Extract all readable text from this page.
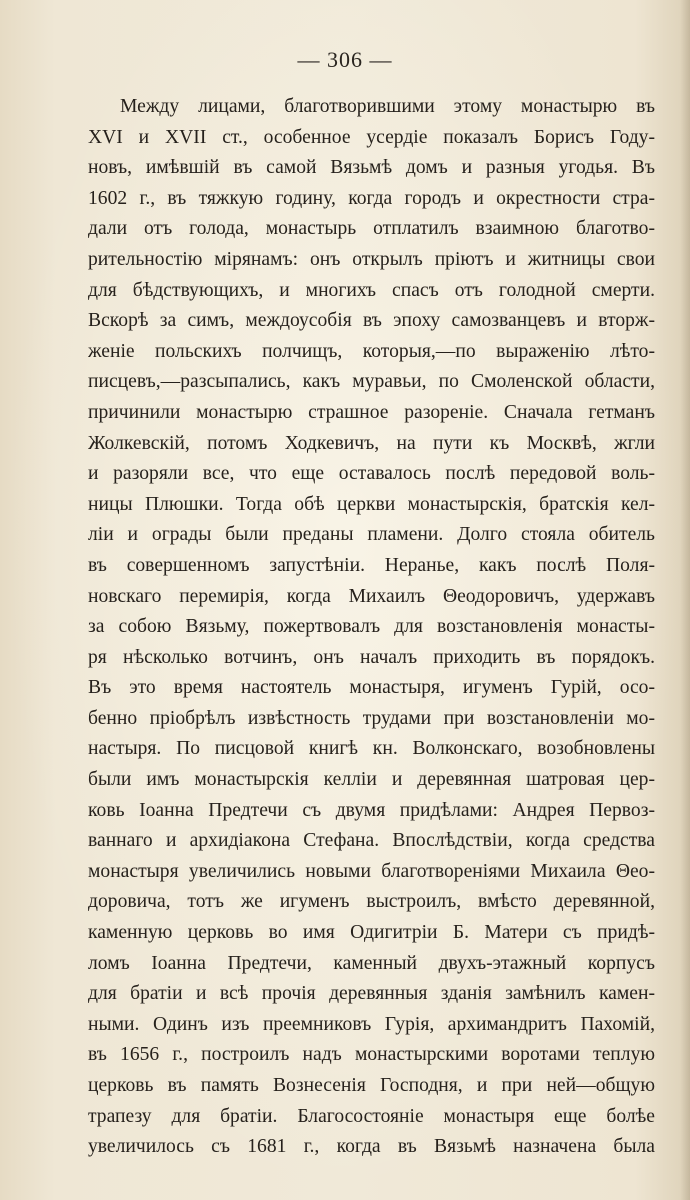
— 306 —
Между лицами, благотворившими этому монастырю въ
XVI и XVII ст., особенное усердіе показалъ Борисъ Году-
новъ, имѣвшій въ самой Вязьмѣ домъ и разныя угодья. Въ
1602 г., въ тяжкую годину, когда городъ и окрестности стра-
дали отъ голода, монастырь отплатилъ взаимною благотво-
рительностію мірянамъ: онъ открылъ пріютъ и житницы свои
для бѣдствующихъ, и многихъ спасъ отъ голодной смерти.
Вскорѣ за симъ, междоусобія въ эпоху самозванцевъ и вторж-
женіе польскихъ полчищъ, которыя,—по выраженію лѣто-
писцевъ,—разсыпались, какъ муравьи, по Смоленской области,
причинили монастырю страшное разореніе. Сначала гетманъ
Жолкевскій, потомъ Ходкевичъ, на пути къ Москвѣ, жгли
и разоряли все, что еще оставалось послѣ передовой воль-
ницы Плюшки. Тогда обѣ церкви монастырскія, братскія кел-
ліи и ограды были преданы пламени. Долго стояла обитель
въ совершенномъ запустѣніи. Неранье, какъ послѣ Поля-
новскаго перемирія, когда Михаилъ Θеодоровичъ, удержавъ
за собою Вязьму, пожертвовалъ для возстановленія монасты-
ря нѣсколько вотчинъ, онъ началъ приходить въ порядокъ.
Въ это время настоятель монастыря, игуменъ Гурій, осо-
бенно пріобрѣлъ извѣстность трудами при возстановленіи мо-
настыря. По писцовой книгѣ кн. Волконскаго, возобновлены
были имъ монастырскія келліи и деревянная шатровая цер-
ковь Іоанна Предтечи съ двумя придѣлами: Андрея Первоз-
ваннаго и архидіакона Стефана. Впослѣдствіи, когда средства
монастыря увеличились новыми благотвореніями Михаила Θео-
доровича, тотъ же игуменъ выстроилъ, вмѣсто деревянной,
каменную церковь во имя Одигитріи Б. Матери съ придѣ-
ломъ Іоанна Предтечи, каменный двухъ-этажный корпусъ
для братіи и всѣ прочія деревянныя зданія замѣнилъ камен-
ными. Одинъ изъ преемниковъ Гурія, архимандритъ Пахомій,
въ 1656 г., построилъ надъ монастырскими воротами теплую
церковь въ память Вознесенія Господня, и при ней—общую
трапезу для братіи. Благосостояніе монастыря еще болѣе
увеличилось съ 1681 г., когда въ Вязьмѣ назначена была
